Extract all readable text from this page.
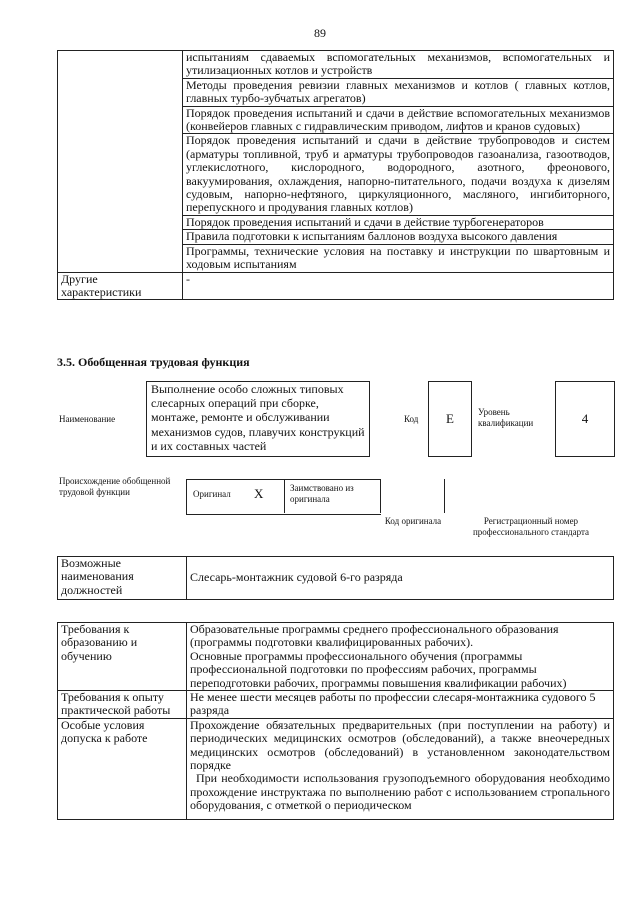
89
	испытаниям сдаваемых вспомогательных механизмов, вспомогательных и утилизационных котлов и устройств
	Методы проведения ревизии главных механизмов и котлов ( главных котлов, главных турбо-зубчатых агрегатов)
	Порядок проведения испытаний и сдачи в действие вспомогательных механизмов (конвейеров главных с гидравлическим приводом, лифтов и кранов судовых)
	Порядок проведения испытаний и сдачи в действие трубопроводов и систем (арматуры топливной, труб и арматуры трубопроводов газоанализа, газоотводов, углекислотного, кислородного, водородного, азотного, фреонового, вакуумирования, охлаждения, напорно-питательного, подачи воздуха к дизелям судовым, напорно-нефтяного, циркуляционного, масляного, ингибиторного, перепускного и продувания главных котлов)
	Порядок проведения испытаний и сдачи в действие турбогенераторов
	Правила подготовки к испытаниям баллонов воздуха высокого давления
	Программы, технические условия на поставку и инструкции по швартовным и ходовым испытаниям
Другие характеристики	-
3.5. Обобщенная трудовая функция
Наименование
Выполнение особо сложных типовых слесарных операций при сборке, монтаже, ремонте и обслуживании механизмов судов, плавучих конструкций и их составных частей
Код	Е	Уровень квалификации	4
Происхождение обобщенной трудовой функции	Оригинал Х	Заимствовано из оригинала
Код оригинала	Регистрационный номер профессионального стандарта
Возможные наименования должностей	Слесарь-монтажник судовой 6-го разряда
Требования к образованию и обучению	Образовательные программы среднего профессионального образования (программы подготовки квалифицированных рабочих).
Основные программы профессионального обучения (программы профессиональной подготовки по профессиям рабочих, программы переподготовки рабочих, программы повышения квалификации рабочих)

Требования к опыту практической работы	Не менее шести месяцев работы по профессии слесаря-монтажника судового 5 разряда
Особые условия допуска к работе	Прохождение обязательных предварительных (при поступлении на работу) и периодических медицинских осмотров (обследований), а также внеочередных медицинских осмотров (обследований) в установленном законодательством порядке
При необходимости использования грузоподъемного оборудования необходимо прохождение инструктажа по выполнению работ с использованием стропального оборудования, с отметкой о периодическом
